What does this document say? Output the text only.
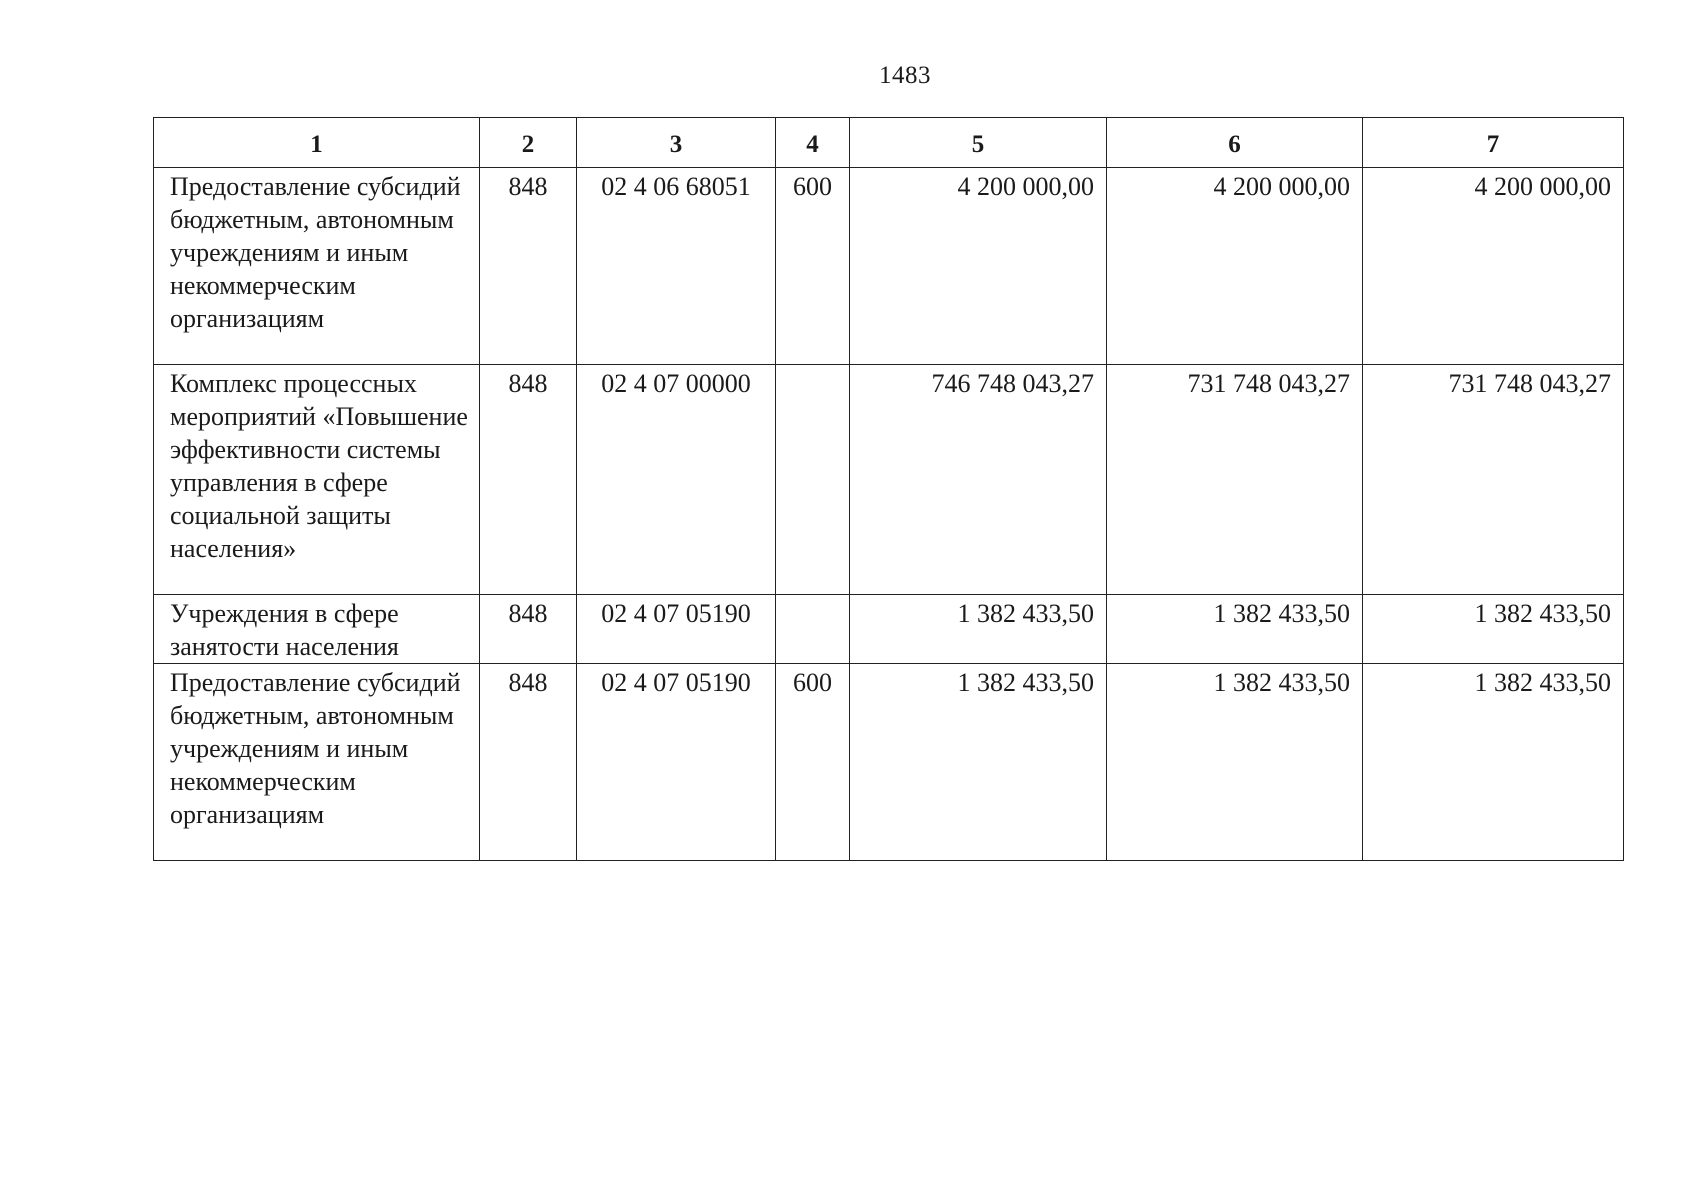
1483
1	2	3	4	5	6	7
Предоставление субсидий бюджетным, автономным учреждениям и иным некоммерческим организациям	848	02 4 06 68051	600	4 200 000,00	4 200 000,00	4 200 000,00
Комплекс процессных мероприятий «Повышение эффективности системы управления в сфере социальной защиты населения»	848	02 4 07 00000		746 748 043,27	731 748 043,27	731 748 043,27
Учреждения в сфере занятости населения	848	02 4 07 05190		1 382 433,50	1 382 433,50	1 382 433,50
Предоставление субсидий бюджетным, автономным учреждениям и иным некоммерческим организациям	848	02 4 07 05190	600	1 382 433,50	1 382 433,50	1 382 433,50
